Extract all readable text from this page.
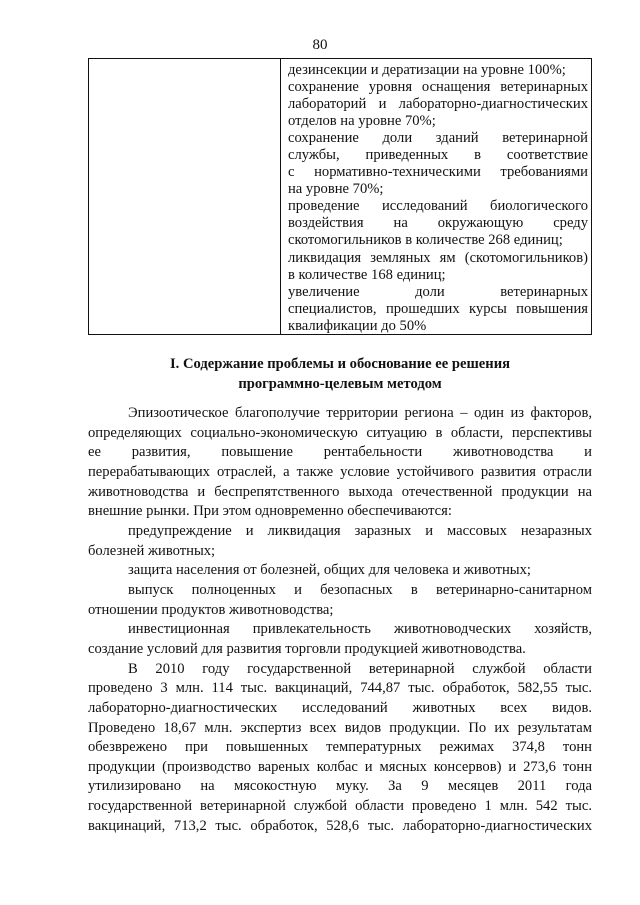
80
дезинсекции и дератизации на уровне 100%;
сохранение уровня оснащения ветеринарных
лабораторий и лабораторно-диагностических
отделов на уровне 70%;
сохранение доли зданий ветеринарной
службы, приведенных в соответствие
с нормативно-техническими требованиями
на уровне 70%;
проведение исследований биологического
воздействия на окружающую среду
скотомогильников в количестве 268 единиц;
ликвидация земляных ям (скотомогильников)
в количестве 168 единиц;
увеличение доли ветеринарных
специалистов, прошедших курсы повышения
квалификации до 50%
I. Содержание проблемы и обоснование ее решения
программно-целевым методом
Эпизоотическое благополучие территории региона – один из факторов,
определяющих социально-экономическую ситуацию в области, перспективы
ее развития, повышение рентабельности животноводства и
перерабатывающих отраслей, а также условие устойчивого развития отрасли
животноводства и беспрепятственного выхода отечественной продукции на
внешние рынки. При этом одновременно обеспечиваются:
предупреждение и ликвидация заразных и массовых незаразных
болезней животных;
защита населения от болезней, общих для человека и животных;
выпуск полноценных и безопасных в ветеринарно-санитарном
отношении продуктов животноводства;
инвестиционная привлекательность животноводческих хозяйств,
создание условий для развития торговли продукцией животноводства.
В 2010 году государственной ветеринарной службой области
проведено 3 млн. 114 тыс. вакцинаций, 744,87 тыс. обработок, 582,55 тыс.
лабораторно-диагностических исследований животных всех видов.
Проведено 18,67 млн. экспертиз всех видов продукции. По их результатам
обезврежено при повышенных температурных режимах 374,8 тонн
продукции (производство вареных колбас и мясных консервов) и 273,6 тонн
утилизировано на мясокостную муку. За 9 месяцев 2011 года
государственной ветеринарной службой области проведено 1 млн. 542 тыс.
вакцинаций, 713,2 тыс. обработок, 528,6 тыс. лабораторно-диагностических
